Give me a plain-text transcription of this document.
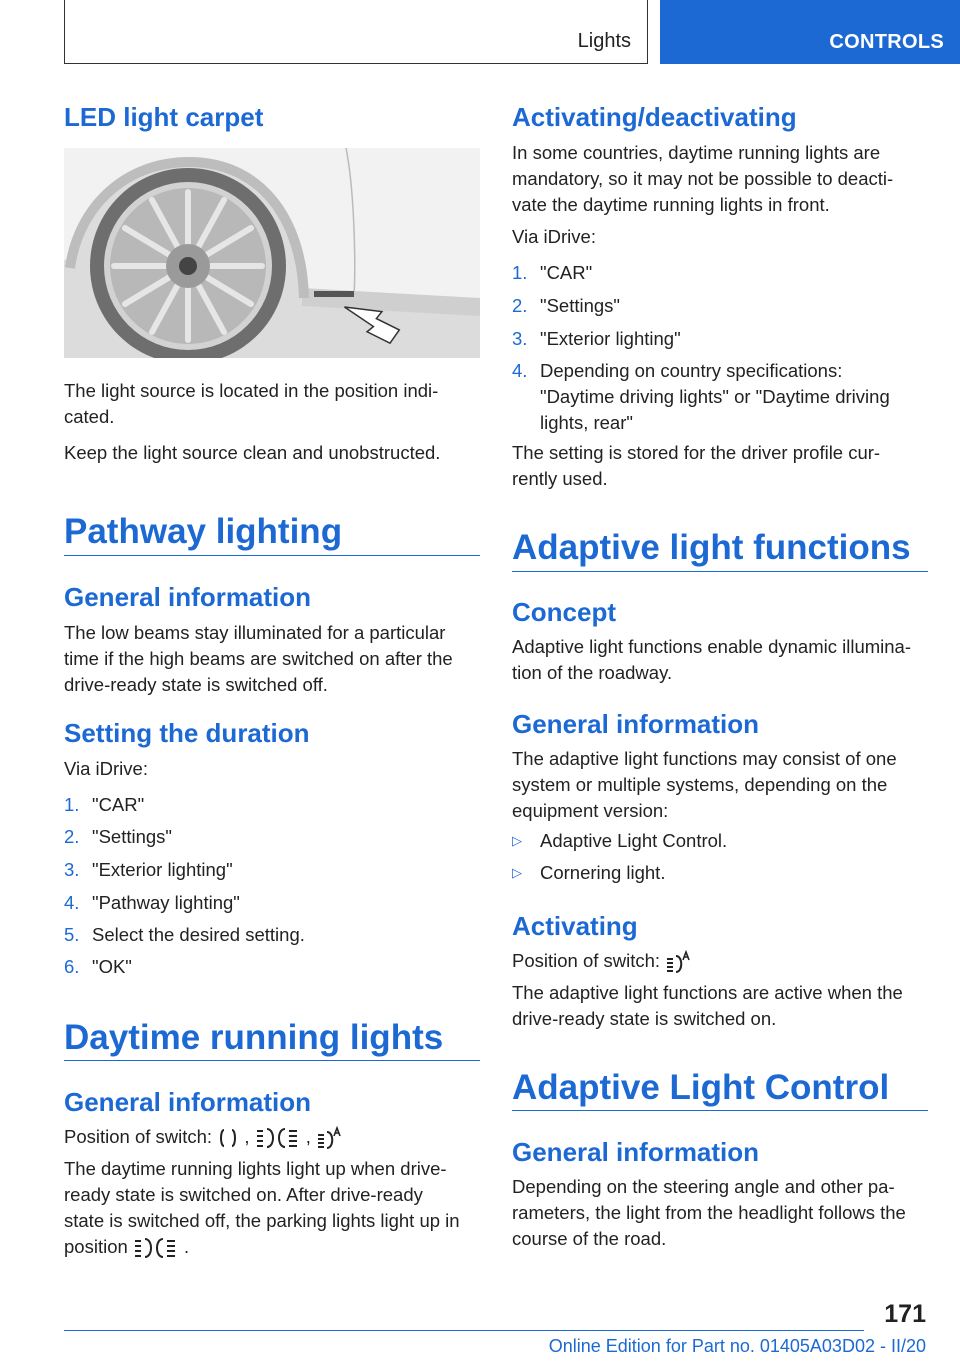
Lights	CONTROLS
LED light carpet
The light source is located in the position indi-
cated.
Keep the light source clean and unobstructed.
Pathway lighting
General information
The low beams stay illuminated for a particular
time if the high beams are switched on after the
drive-ready state is switched off.
Setting the duration
Via iDrive:
1. "CAR"
2. "Settings"
3. "Exterior lighting"
4. "Pathway lighting"
5. Select the desired setting.
6. "OK"
Daytime running lights
General information
Position of switch: ,	,
The daytime running lights light up when drive-
ready state is switched on. After drive-ready
state is switched off, the parking lights light up in
position	.
Activating/deactivating
In some countries, daytime running lights are
mandatory, so it may not be possible to deacti-
vate the daytime running lights in front.
Via iDrive:
1. "CAR"
2. "Settings"
3. "Exterior lighting"
4. Depending on country specifications:
"Daytime driving lights" or "Daytime driving
lights, rear"
The setting is stored for the driver profile cur-
rently used.
Adaptive light functions
Concept
Adaptive light functions enable dynamic illumina-
tion of the roadway.
General information
The adaptive light functions may consist of one
system or multiple systems, depending on the
equipment version:
▷ Adaptive Light Control.
▷ Cornering light.
Activating
Position of switch:
The adaptive light functions are active when the
drive-ready state is switched on.
Adaptive Light Control
General information
Depending on the steering angle and other pa-
rameters, the light from the headlight follows the
course of the road.
171
Online Edition for Part no. 01405A03D02 - II/20
